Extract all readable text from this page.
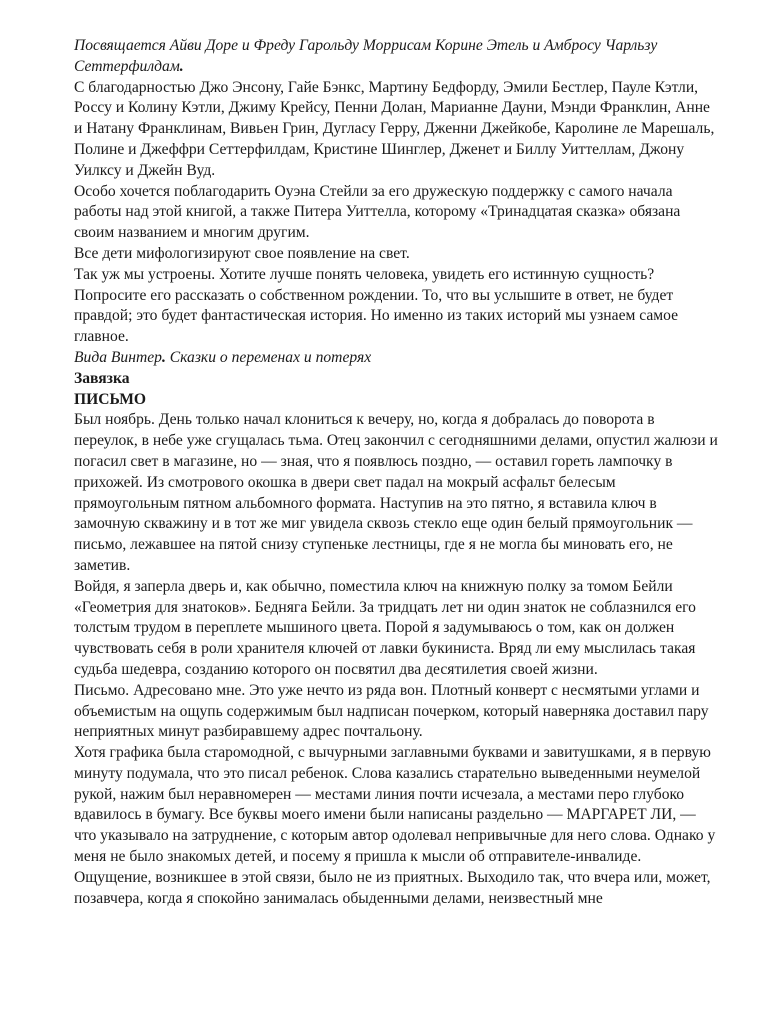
Посвящается Айви Доре и Фреду Гарольду Моррисам Корине Этель и Амбросу Чарльзу Сеттерфилдам.

С благодарностью Джо Энсону, Гайе Бэнкс, Мартину Бедфорду, Эмили Бестлер, Пауле Кэтли, Россу и Колину Кэтли, Джиму Крейсу, Пенни Долан, Марианне Дауни, Мэнди Франклин, Анне и Натану Франклинам, Вивьен Грин, Дугласу Герру, Дженни Джейкобе, Каролине ле Марешаль, Полине и Джеффри Сеттерфилдам, Кристине Шинглер, Дженет и Биллу Уиттеллам, Джону Уилксу и Джейн Вуд.

Особо хочется поблагодарить Оуэна Стейли за его дружескую поддержку с самого начала работы над этой книгой, а также Питера Уиттелла, которому «Тринадцатая сказка» обязана своим названием и многим другим.

Все дети мифологизируют свое появление на свет.

Так уж мы устроены. Хотите лучше понять человека, увидеть его истинную сущность? Попросите его рассказать о собственном рождении. То, что вы услышите в ответ, не будет правдой; это будет фантастическая история. Но именно из таких историй мы узнаем самое главное.

Вида Винтер. Сказки о переменах и потерях

Завязка

ПИСЬМО

Был ноябрь. День только начал клониться к вечеру, но, когда я добралась до поворота в переулок, в небе уже сгущалась тьма. Отец закончил с сегодняшними делами, опустил жалюзи и погасил свет в магазине, но — зная, что я появлюсь поздно, — оставил гореть лампочку в прихожей. Из смотрового окошка в двери свет падал на мокрый асфальт белесым прямоугольным пятном альбомного формата. Наступив на это пятно, я вставила ключ в замочную скважину и в тот же миг увидела сквозь стекло еще один белый прямоугольник — письмо, лежавшее на пятой снизу ступеньке лестницы, где я не могла бы миновать его, не заметив.

Войдя, я заперла дверь и, как обычно, поместила ключ на книжную полку за томом Бейли «Геометрия для знатоков». Бедняга Бейли. За тридцать лет ни один знаток не соблазнился его толстым трудом в переплете мышиного цвета. Порой я задумываюсь о том, как он должен чувствовать себя в роли хранителя ключей от лавки букиниста. Вряд ли ему мыслилась такая судьба шедевра, созданию которого он посвятил два десятилетия своей жизни.

Письмо. Адресовано мне. Это уже нечто из ряда вон. Плотный конверт с несмятыми углами и объемистым на ощупь содержимым был надписан почерком, который наверняка доставил пару неприятных минут разбиравшему адрес почтальону.

Хотя графика была старомодной, с вычурными заглавными буквами и завитушками, я в первую минуту подумала, что это писал ребенок. Слова казались старательно выведенными неумелой рукой, нажим был неравномерен — местами линия почти исчезала, а местами перо глубоко вдавилось в бумагу. Все буквы моего имени были написаны раздельно — МАРГАРЕТ ЛИ, — что указывало на затруднение, с которым автор одолевал непривычные для него слова. Однако у меня не было знакомых детей, и посему я пришла к мысли об отправителе-инвалиде.

Ощущение, возникшее в этой связи, было не из приятных. Выходило так, что вчера или, может, позавчера, когда я спокойно занималась обыденными делами, неизвестный мне
